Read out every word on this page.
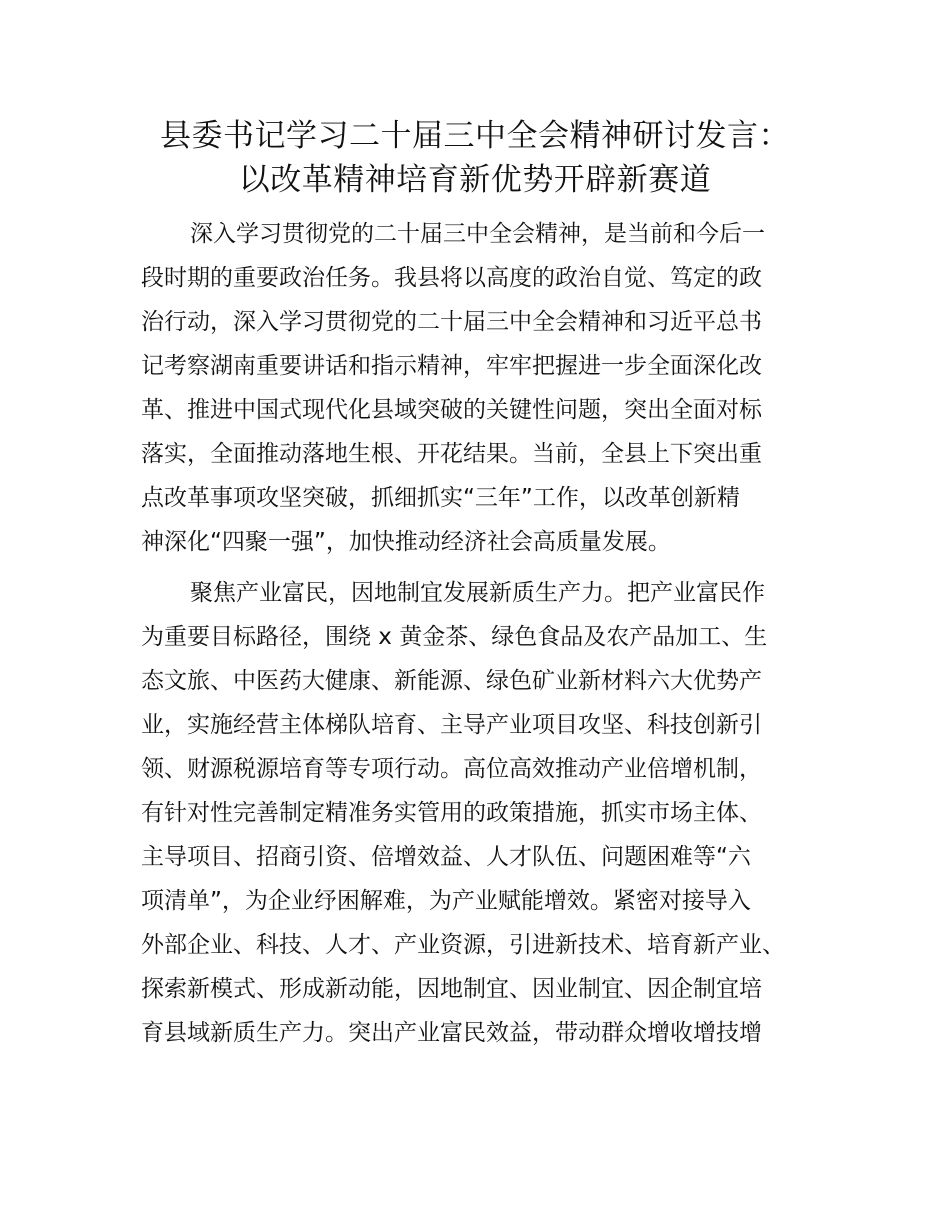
县委书记学习二十届三中全会精神研讨发言：
以改革精神培育新优势开辟新赛道
深入学习贯彻党的二十届三中全会精神，是当前和今后一
段时期的重要政治任务。我县将以高度的政治自觉、笃定的政
治行动，深入学习贯彻党的二十届三中全会精神和习近平总书
记考察湖南重要讲话和指示精神，牢牢把握进一步全面深化改
革、推进中国式现代化县域突破的关键性问题，突出全面对标
落实，全面推动落地生根、开花结果。当前，全县上下突出重
点改革事项攻坚突破，抓细抓实“三年”工作，以改革创新精
神深化“四聚一强”，加快推动经济社会高质量发展。
聚焦产业富民，因地制宜发展新质生产力。把产业富民作
为重要目标路径，围绕 x 黄金茶、绿色食品及农产品加工、生
态文旅、中医药大健康、新能源、绿色矿业新材料六大优势产
业，实施经营主体梯队培育、主导产业项目攻坚、科技创新引
领、财源税源培育等专项行动。高位高效推动产业倍增机制，
有针对性完善制定精准务实管用的政策措施，抓实市场主体、
主导项目、招商引资、倍增效益、人才队伍、问题困难等“六
项清单”，为企业纾困解难，为产业赋能增效。紧密对接导入
外部企业、科技、人才、产业资源，引进新技术、培育新产业、
探索新模式、形成新动能，因地制宜、因业制宜、因企制宜培
育县域新质生产力。突出产业富民效益，带动群众增收增技增
